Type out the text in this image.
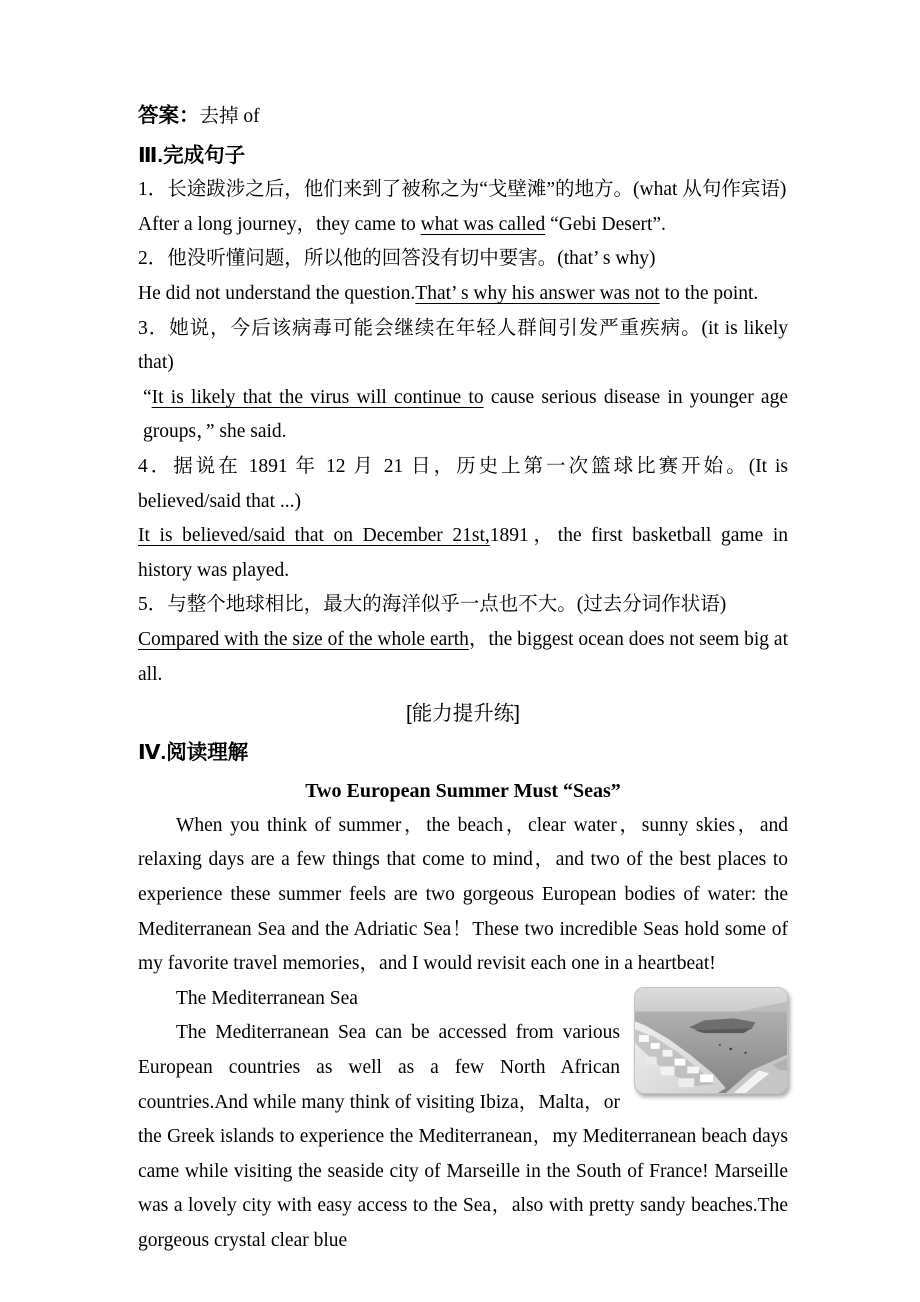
答案：去掉 of

Ⅲ.完成句子

1．长途跋涉之后，他们来到了被称之为“戈壁滩”的地方。(what 从句作宾语)

After a long journey，they came to what was called “Gebi Desert”.

2．他没听懂问题，所以他的回答没有切中要害。(that’ s why)

He did not understand the question.That’ s why his answer was not to the point.

3．她说，今后该病毒可能会继续在年轻人群间引发严重疾病。(it is likely that)

“It is likely that the virus will continue to cause serious disease in younger age groups，” she said.

4．据说在 1891 年 12 月 21 日，历史上第一次篮球比赛开始。(It is believed/said that ...)

It is believed/said that on December 21st,1891，the first basketball game in history was played.

5．与整个地球相比，最大的海洋似乎一点也不大。(过去分词作状语)

Compared with the size of the whole earth，the biggest ocean does not seem big at all.

[能力提升练]

Ⅳ.阅读理解

Two European Summer Must “Seas”

When you think of summer，the beach，clear water，sunny skies，and relaxing days are a few things that come to mind，and two of the best places to experience these summer feels are two gorgeous European bodies of water: the Mediterranean Sea and the Adriatic Sea！These two incredible Seas hold some of my favorite travel memories，and I would revisit each one in a heartbeat!

The Mediterranean Sea

The Mediterranean Sea can be accessed from various European countries as well as a few North African countries.And while many think of visiting Ibiza，Malta，or the Greek islands to experience the Mediterranean，my Mediterranean beach days came while visiting the seaside city of Marseille in the South of France! Marseille was a lovely city with easy access to the Sea，also with pretty sandy beaches.The gorgeous crystal clear blue
